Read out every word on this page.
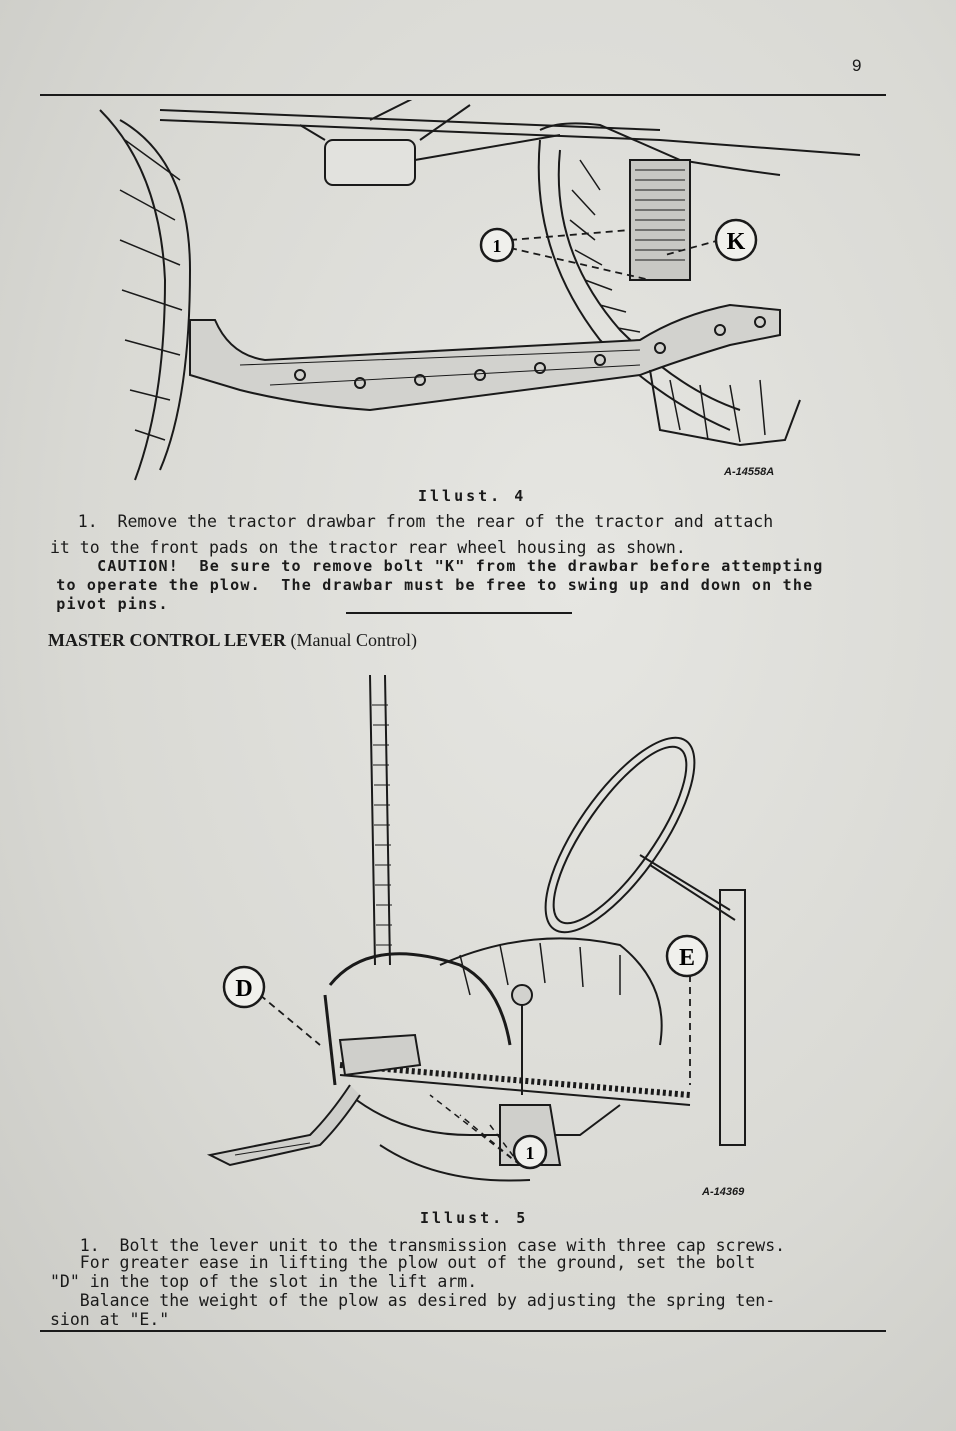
9
1	K
A-14558A
Illust. 4
1.  Remove the tractor drawbar from the rear of the tractor and attach
it to the front pads on the tractor rear wheel housing as shown.
CAUTION!  Be sure to remove bolt "K" from the drawbar before attempting
to operate the plow.  The drawbar must be free to swing up and down on the
pivot pins.
MASTER CONTROL LEVER (Manual Control)
D
E
1
A-14369
Illust. 5
1.  Bolt the lever unit to the transmission case with three cap screws.
For greater ease in lifting the plow out of the ground, set the bolt
"D" in the top of the slot in the lift arm.
Balance the weight of the plow as desired by adjusting the spring ten-
sion at "E."
